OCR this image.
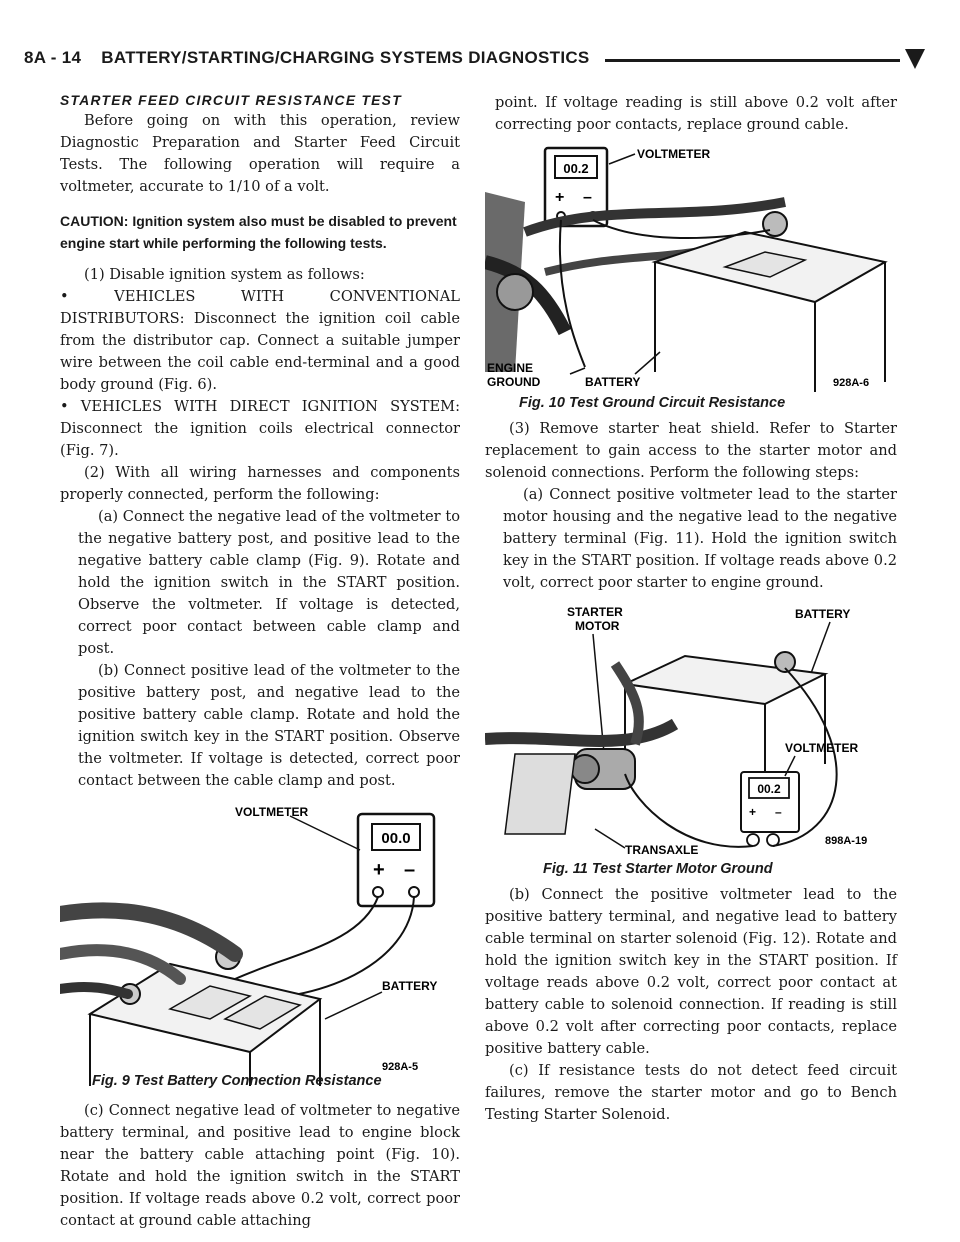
8A - 14    BATTERY/STARTING/CHARGING SYSTEMS DIAGNOSTICS
STARTER FEED CIRCUIT RESISTANCE TEST

Before going on with this operation, review Diagnostic Preparation and Starter Feed Circuit Tests. The following operation will require a voltmeter, accurate to 1/10 of a volt.

CAUTION: Ignition system also must be disabled to prevent engine start while performing the following tests.

(1) Disable ignition system as follows:

• VEHICLES WITH CONVENTIONAL DISTRIBUTORS: Disconnect the ignition coil cable from the distributor cap. Connect a suitable jumper wire between the coil cable end-terminal and a good body ground (Fig. 6).

• VEHICLES WITH DIRECT IGNITION SYSTEM: Disconnect the ignition coils electrical connector (Fig. 7).

(2) With all wiring harnesses and components properly connected, perform the following:

(a) Connect the negative lead of the voltmeter to the negative battery post, and positive lead to the negative battery cable clamp (Fig. 9). Rotate and hold the ignition switch in the START position. Observe the voltmeter. If voltage is detected, correct poor contact between cable clamp and post.

(b) Connect positive lead of the voltmeter to the positive battery post, and negative lead to the positive battery cable clamp. Rotate and hold the ignition switch key in the START position. Observe the voltmeter. If voltage is detected, correct poor contact between the cable clamp and post.

00.0
+ –
VOLTMETER
BATTERY
928A-5
Fig. 9 Test Battery Connection Resistance

(c) Connect negative lead of voltmeter to negative battery terminal, and positive lead to engine block near the battery cable attaching point (Fig. 10). Rotate and hold the ignition switch in the START position. If voltage reads above 0.2 volt, correct poor contact at ground cable attaching

point. If voltage reading is still above 0.2 volt after correcting poor contacts, replace ground cable.

00.2
+ –
VOLTMETER
ENGINE GROUND	BATTERY	928A-6
Fig. 10 Test Ground Circuit Resistance

(3) Remove starter heat shield. Refer to Starter replacement to gain access to the starter motor and solenoid connections. Perform the following steps:

(a) Connect positive voltmeter lead to the starter motor housing and the negative lead to the negative battery terminal (Fig. 11). Hold the ignition switch key in the START position. If voltage reads above 0.2 volt, correct poor starter to engine ground.

STARTER MOTOR
BATTERY
00.2
+ –
VOLTMETER
TRANSAXLE
898A-19
Fig. 11 Test Starter Motor Ground

(b) Connect the positive voltmeter lead to the positive battery terminal, and negative lead to battery cable terminal on starter solenoid (Fig. 12). Rotate and hold the ignition switch key in the START position. If voltage reads above 0.2 volt, correct poor contact at battery cable to solenoid connection. If reading is still above 0.2 volt after correcting poor contacts, replace positive battery cable.

(c) If resistance tests do not detect feed circuit failures, remove the starter motor and go to Bench Testing Starter Solenoid.
